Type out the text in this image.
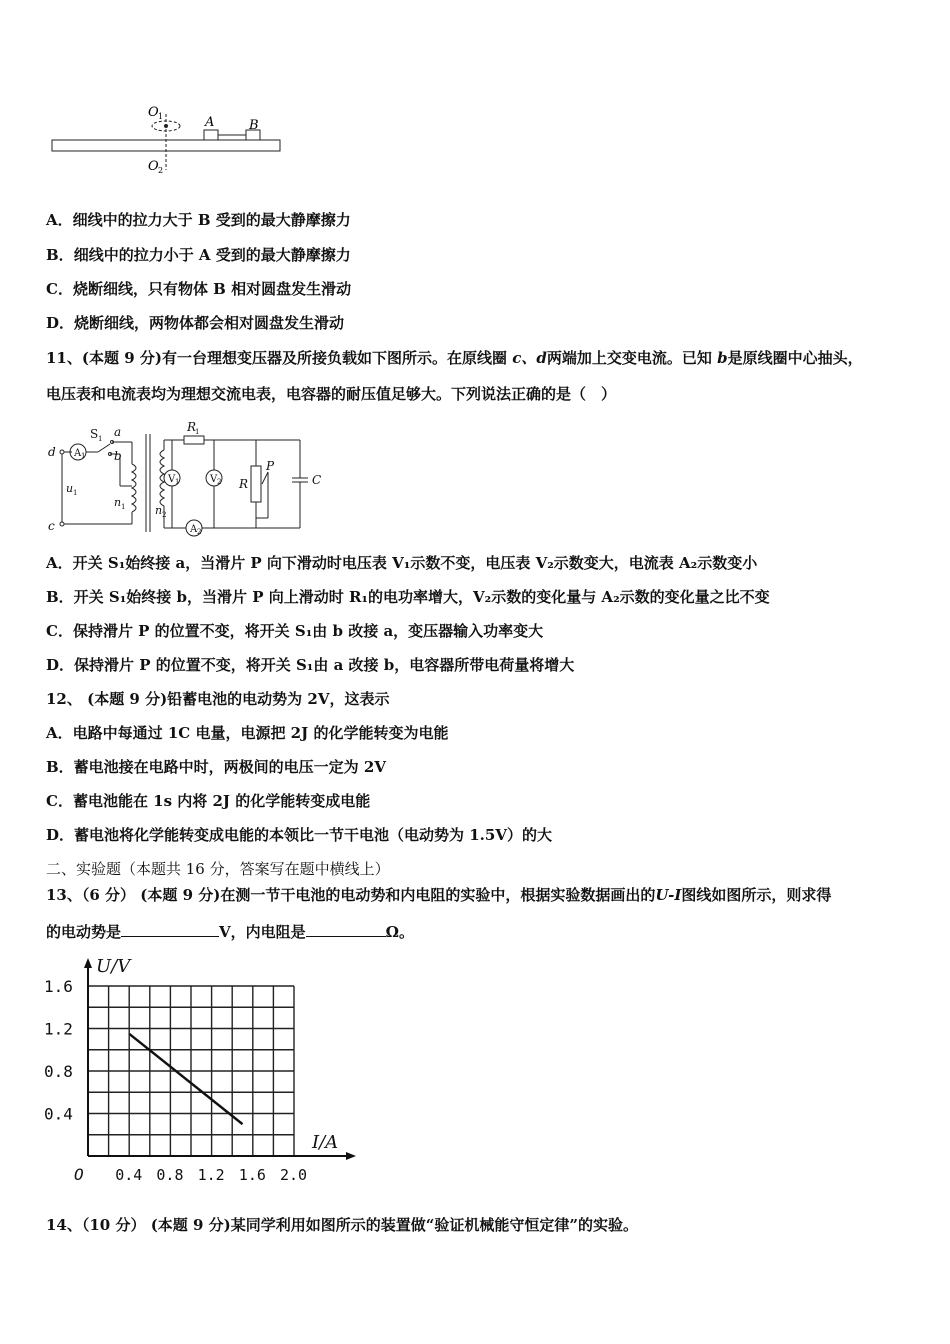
O 1
O 2
A	B
A．细线中的拉力大于 B 受到的最大静摩擦力
B．细线中的拉力小于 A 受到的最大静摩擦力
C．烧断细线，只有物体 B 相对圆盘发生滑动
D．烧断细线，两物体都会相对圆盘发生滑动
11、(本题 9 分)有一台理想变压器及所接负载如下图所示。在原线圈 c、d两端加上交变电流。已知 b是原线圈中心抽头，
电压表和电流表均为理想交流电表，电容器的耐压值足够大。下列说法正确的是（　）
A 1
S 1 a
b
d
c
u 1
n 1	n 2
A 2
V 1	V 2
R
1
R
P
C
A．开关 S₁始终接 a，当滑片 P 向下滑动时电压表 V₁示数不变，电压表 V₂示数变大，电流表 A₂示数变小
B．开关 S₁始终接 b，当滑片 P 向上滑动时 R₁的电功率增大，V₂示数的变化量与 A₂示数的变化量之比不变
C．保持滑片 P 的位置不变，将开关 S₁由 b 改接 a，变压器输入功率变大
D．保持滑片 P 的位置不变，将开关 S₁由 a 改接 b，电容器所带电荷量将增大
12、 (本题 9 分)铅蓄电池的电动势为 2V，这表示
A．电路中每通过 1C 电量，电源把 2J 的化学能转变为电能
B．蓄电池接在电路中时，两极间的电压一定为 2V
C．蓄电池能在 1s 内将 2J 的化学能转变成电能
D．蓄电池将化学能转变成电能的本领比一节干电池（电动势为 1.5V）的大
二、实验题（本题共 16 分，答案写在题中横线上）
13、（6 分） (本题 9 分)在测一节干电池的电动势和内电阻的实验中，根据实验数据画出的U-I图线如图所示，则求得
的电动势是	V，内电阻是	Ω。
1.6
1.2
0.8
0.4
0.4 0.8 1.2 1.6 2.0
O
U/V
I/A
14、（10 分） (本题 9 分)某同学利用如图所示的装置做“验证机械能守恒定律”的实验。
